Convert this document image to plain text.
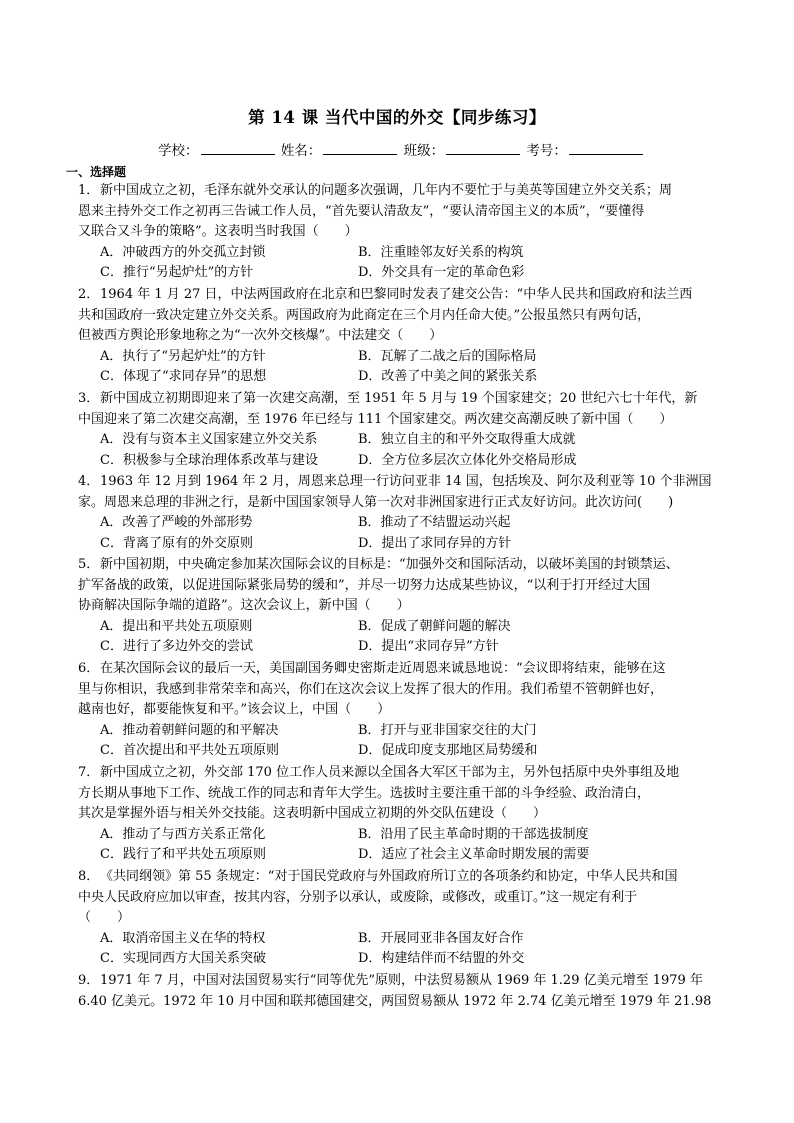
第 14 课 当代中国的外交【同步练习】
学校：	姓名：	班级：	考号：
一、选择题
1． 新中国成立之初，毛泽东就外交承认的问题多次强调，几年内不要忙于与美英等国建立外交关系；周
恩来主持外交工作之初再三告诫工作人员，“首先要认清敌友”，“要认清帝国主义的本质”，“要懂得
又联合又斗争的策略”。这表明当时我国（　　）
A．冲破西方的外交孤立封锁	B．注重睦邻友好关系的构筑
C．推行“另起炉灶”的方针	D．外交具有一定的革命色彩
2． 1964 年 1 月 27 日，中法两国政府在北京和巴黎同时发表了建交公告：“中华人民共和国政府和法兰西
共和国政府一致决定建立外交关系。两国政府为此商定在三个月内任命大使。”公报虽然只有两句话，
但被西方舆论形象地称之为“一次外交核爆”。中法建交（　　）
A．执行了“另起炉灶”的方针	B．瓦解了二战之后的国际格局
C．体现了“求同存异”的思想	D．改善了中美之间的紧张关系
3． 新中国成立初期即迎来了第一次建交高潮，至 1951 年 5 月与 19 个国家建交；20 世纪六七十年代，新
中国迎来了第二次建交高潮，至 1976 年已经与 111 个国家建交。两次建交高潮反映了新中国（　　）
A．没有与资本主义国家建立外交关系	B．独立自主的和平外交取得重大成就
C．积极参与全球治理体系改革与建设	D．全方位多层次立体化外交格局形成
4． 1963 年 12 月到 1964 年 2 月，周恩来总理一行访问亚非 14 国，包括埃及、阿尔及利亚等 10 个非洲国
家。周恩来总理的非洲之行，是新中国国家领导人第一次对非洲国家进行正式友好访问。此次访问(　　)
A．改善了严峻的外部形势	B．推动了不结盟运动兴起
C．背离了原有的外交原则	D．提出了求同存异的方针
5． 新中国初期，中央确定参加某次国际会议的目标是：“加强外交和国际活动，以破坏美国的封锁禁运、
扩军备战的政策，以促进国际紧张局势的缓和”，并尽一切努力达成某些协议，“以利于打开经过大国
协商解决国际争端的道路”。这次会议上，新中国（　　）
A．提出和平共处五项原则	B．促成了朝鲜问题的解决
C．进行了多边外交的尝试	D．提出“求同存异”方针
6． 在某次国际会议的最后一天，美国副国务卿史密斯走近周恩来诚恳地说：“会议即将结束，能够在这
里与你相识，我感到非常荣幸和高兴，你们在这次会议上发挥了很大的作用。我们希望不管朝鲜也好，
越南也好，都要能恢复和平。”该会议上，中国（　　）
A．推动着朝鲜问题的和平解决	B．打开与亚非国家交往的大门
C．首次提出和平共处五项原则	D．促成印度支那地区局势缓和
7． 新中国成立之初，外交部 170 位工作人员来源以全国各大军区干部为主，另外包括原中央外事组及地
方长期从事地下工作、统战工作的同志和青年大学生。选拔时主要注重干部的斗争经验、政治清白，
其次是掌握外语与相关外交技能。这表明新中国成立初期的外交队伍建设（　　）
A．推动了与西方关系正常化	B．沿用了民主革命时期的干部选拔制度
C．践行了和平共处五项原则	D．适应了社会主义革命时期发展的需要
8． 《共同纲领》第 55 条规定：“对于国民党政府与外国政府所订立的各项条约和协定，中华人民共和国
中央人民政府应加以审查，按其内容，分别予以承认，或废除，或修改，或重订。”这一规定有利于
（　　）
A．取消帝国主义在华的特权	B．开展同亚非各国友好合作
C．实现同西方大国关系突破	D．构建结伴而不结盟的外交
9． 1971 年 7 月，中国对法国贸易实行“同等优先”原则，中法贸易额从 1969 年 1.29 亿美元增至 1979 年
6.40 亿美元。1972 年 10 月中国和联邦德国建交，两国贸易额从 1972 年 2.74 亿美元增至 1979 年 21.98
